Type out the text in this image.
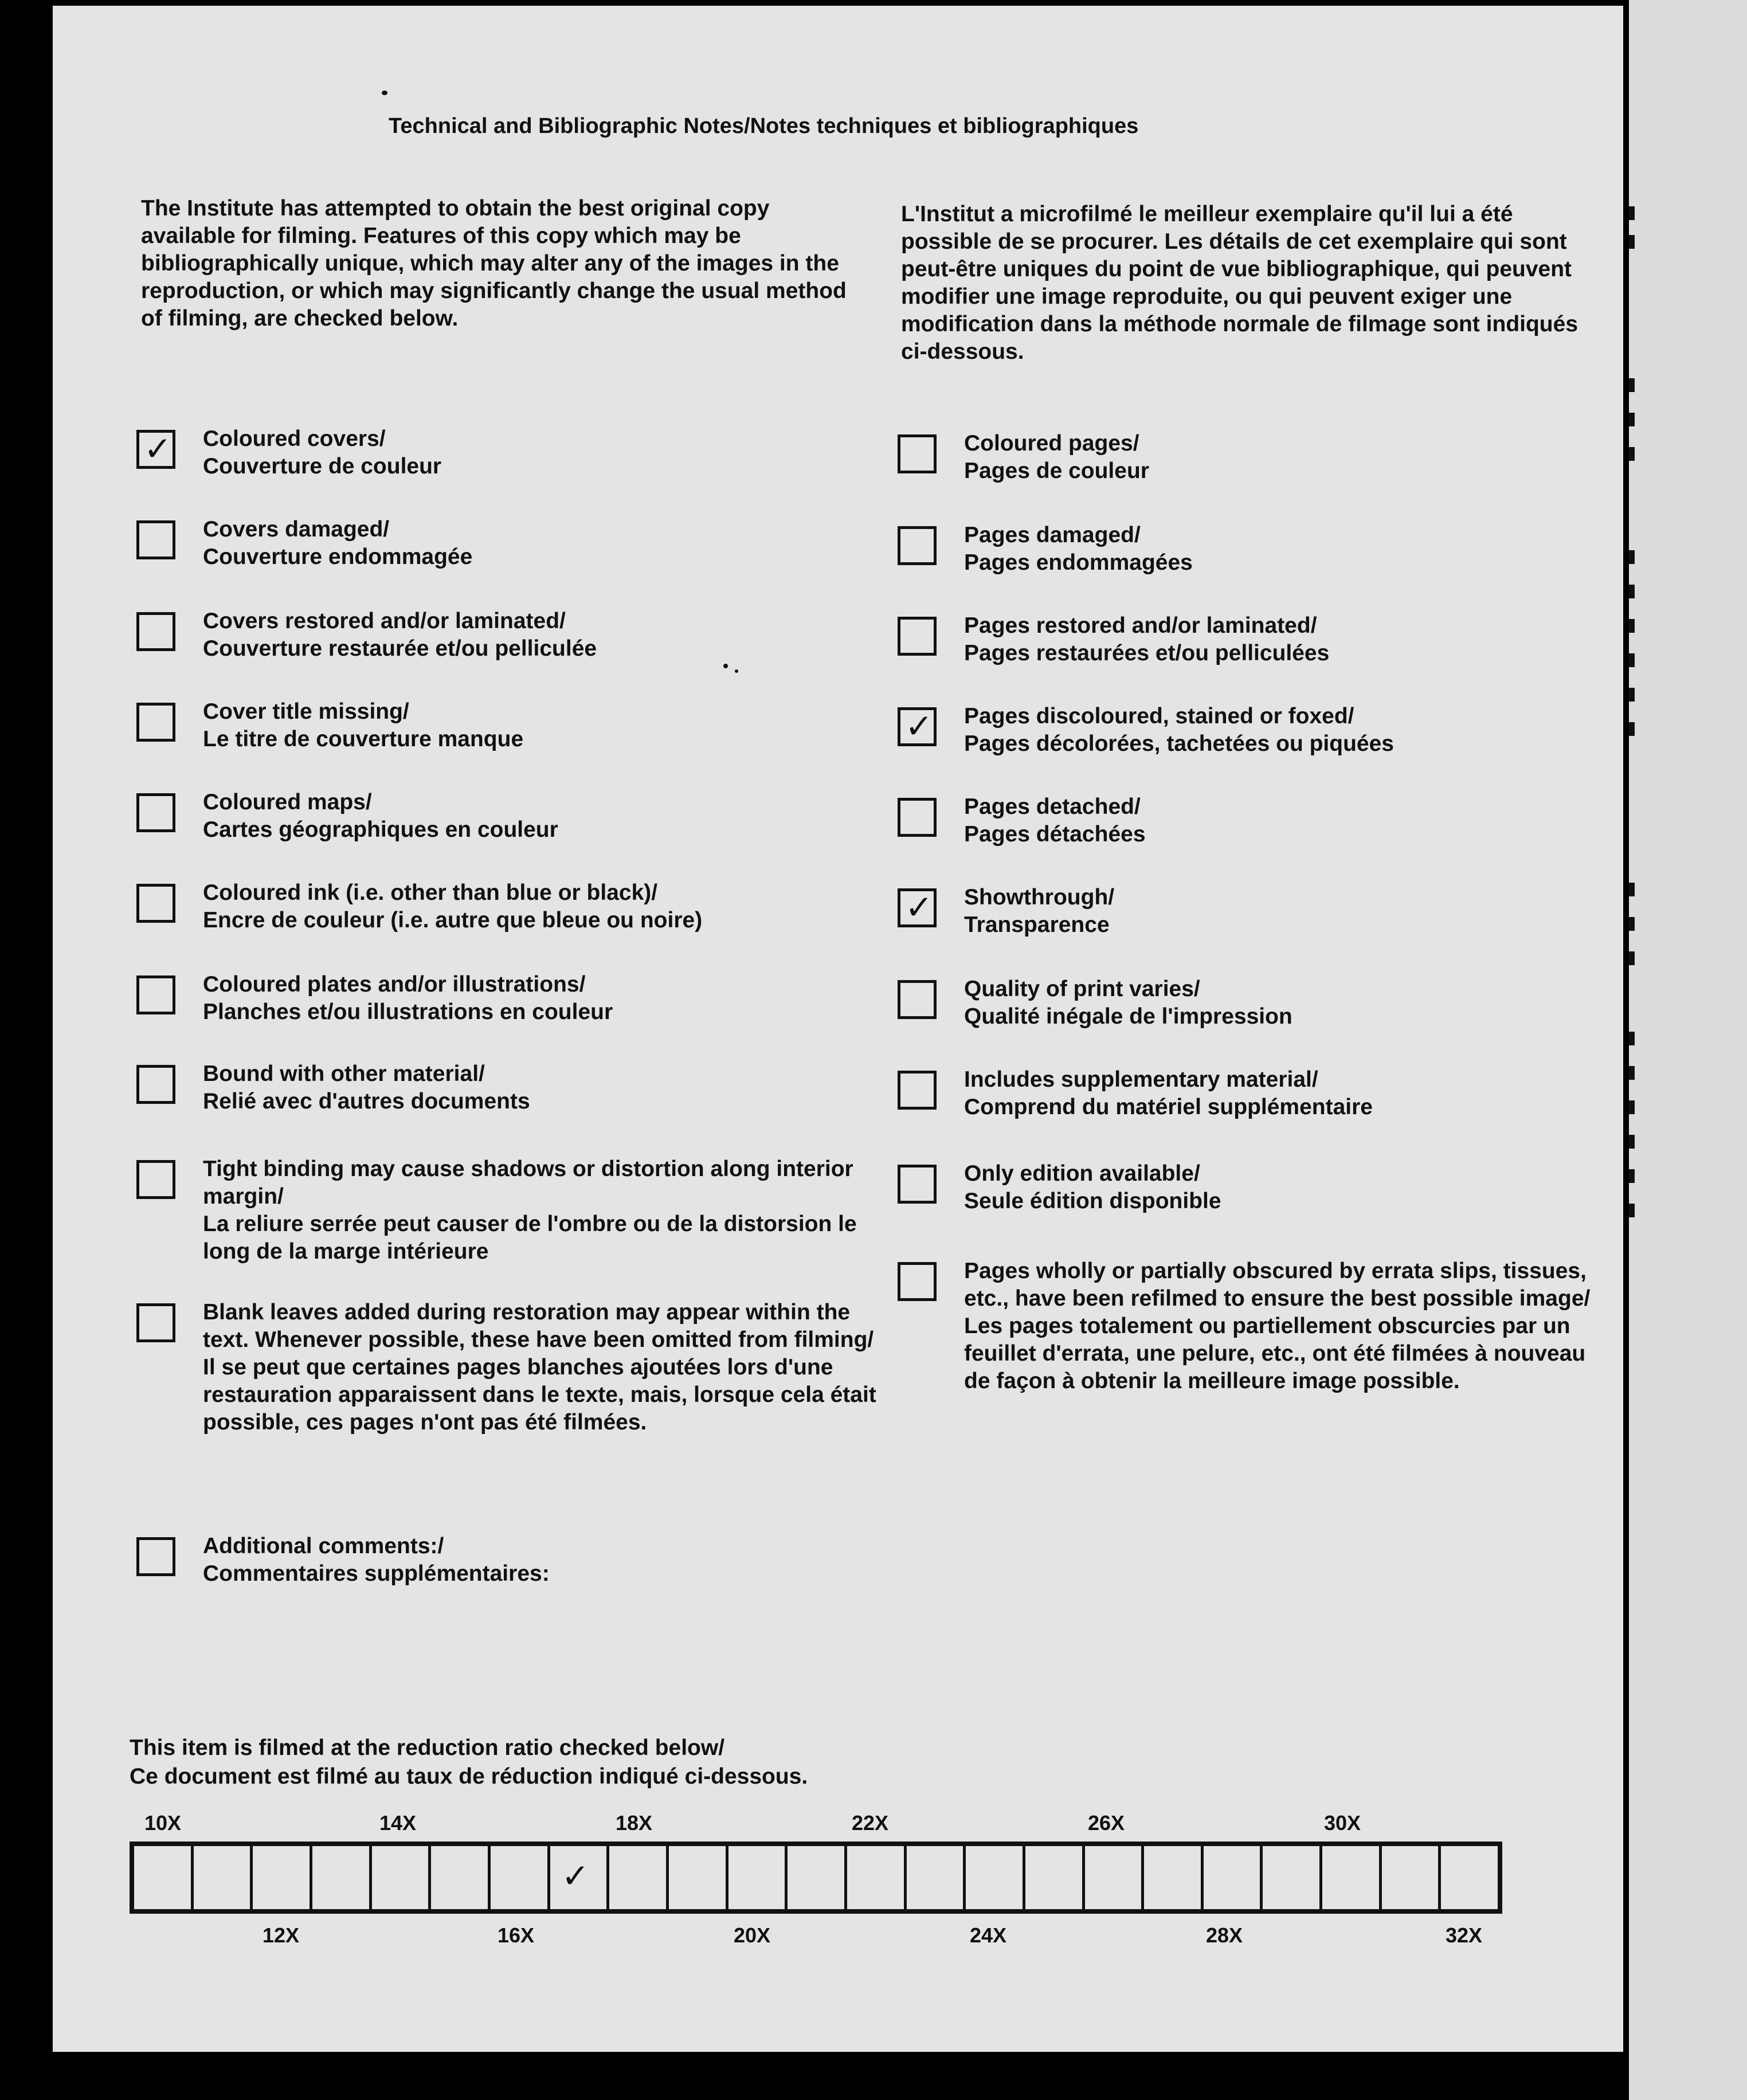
Technical and Bibliographic Notes/Notes techniques et bibliographiques
The Institute has attempted to obtain the best original copy available for filming. Features of this copy which may be bibliographically unique, which may alter any of the images in the reproduction, or which may significantly change the usual method of filming, are checked below.
L'Institut a microfilmé le meilleur exemplaire qu'il lui a été possible de se procurer. Les détails de cet exemplaire qui sont peut-être uniques du point de vue bibliographique, qui peuvent modifier une image reproduite, ou qui peuvent exiger une modification dans la méthode normale de filmage sont indiqués ci-dessous.
✓ Coloured covers/
Couverture de couleur
Covers damaged/
Couverture endommagée
Covers restored and/or laminated/
Couverture restaurée et/ou pelliculée
Cover title missing/
Le titre de couverture manque
Coloured maps/
Cartes géographiques en couleur
Coloured ink (i.e. other than blue or black)/
Encre de couleur (i.e. autre que bleue ou noire)
Coloured plates and/or illustrations/
Planches et/ou illustrations en couleur
Bound with other material/
Relié avec d'autres documents
Tight binding may cause shadows or distortion along interior margin/
La reliure serrée peut causer de l'ombre ou de la distorsion le long de la marge intérieure
Blank leaves added during restoration may appear within the text. Whenever possible, these have been omitted from filming/
Il se peut que certaines pages blanches ajoutées lors d'une restauration apparaissent dans le texte, mais, lorsque cela était possible, ces pages n'ont pas été filmées.
Additional comments:/
Commentaires supplémentaires:
Coloured pages/
Pages de couleur
Pages damaged/
Pages endommagées
Pages restored and/or laminated/
Pages restaurées et/ou pelliculées
✓ Pages discoloured, stained or foxed/
Pages décolorées, tachetées ou piquées
Pages detached/
Pages détachées
✓ Showthrough/
Transparence
Quality of print varies/
Qualité inégale de l'impression
Includes supplementary material/
Comprend du matériel supplémentaire
Only edition available/
Seule édition disponible
Pages wholly or partially obscured by errata slips, tissues, etc., have been refilmed to ensure the best possible image/
Les pages totalement ou partiellement obscurcies par un feuillet d'errata, une pelure, etc., ont été filmées à nouveau de façon à obtenir la meilleure image possible.
This item is filmed at the reduction ratio checked below/
Ce document est filmé au taux de réduction indiqué ci-dessous.
10X	14X	18X	22X	26X	30X
✓
12X	16X	20X	24X	28X	32X
